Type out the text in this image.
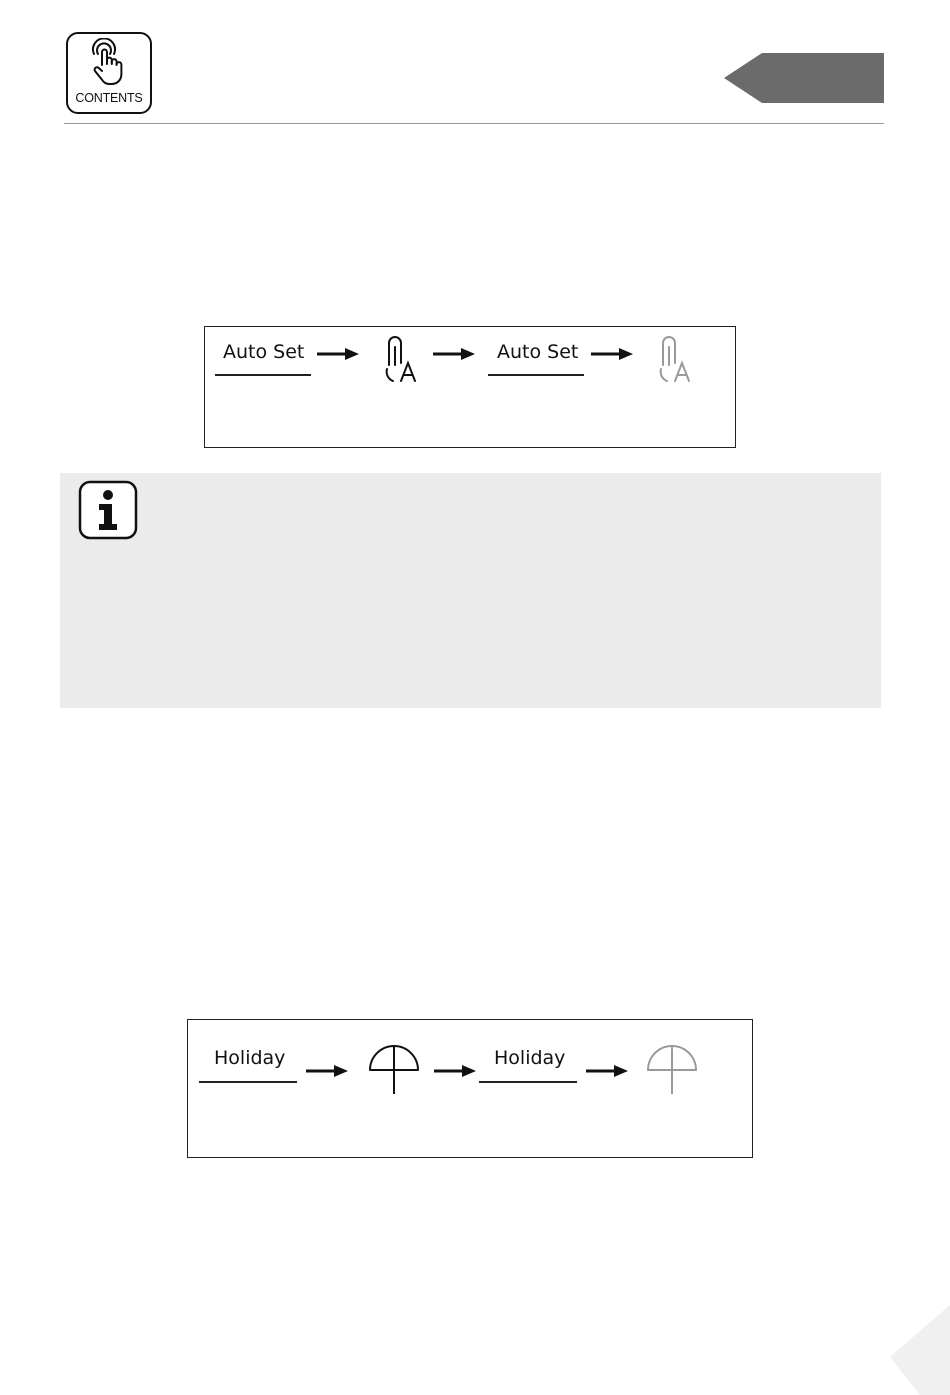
CONTENTS
Auto Set	Auto Set
Holiday	Holiday
